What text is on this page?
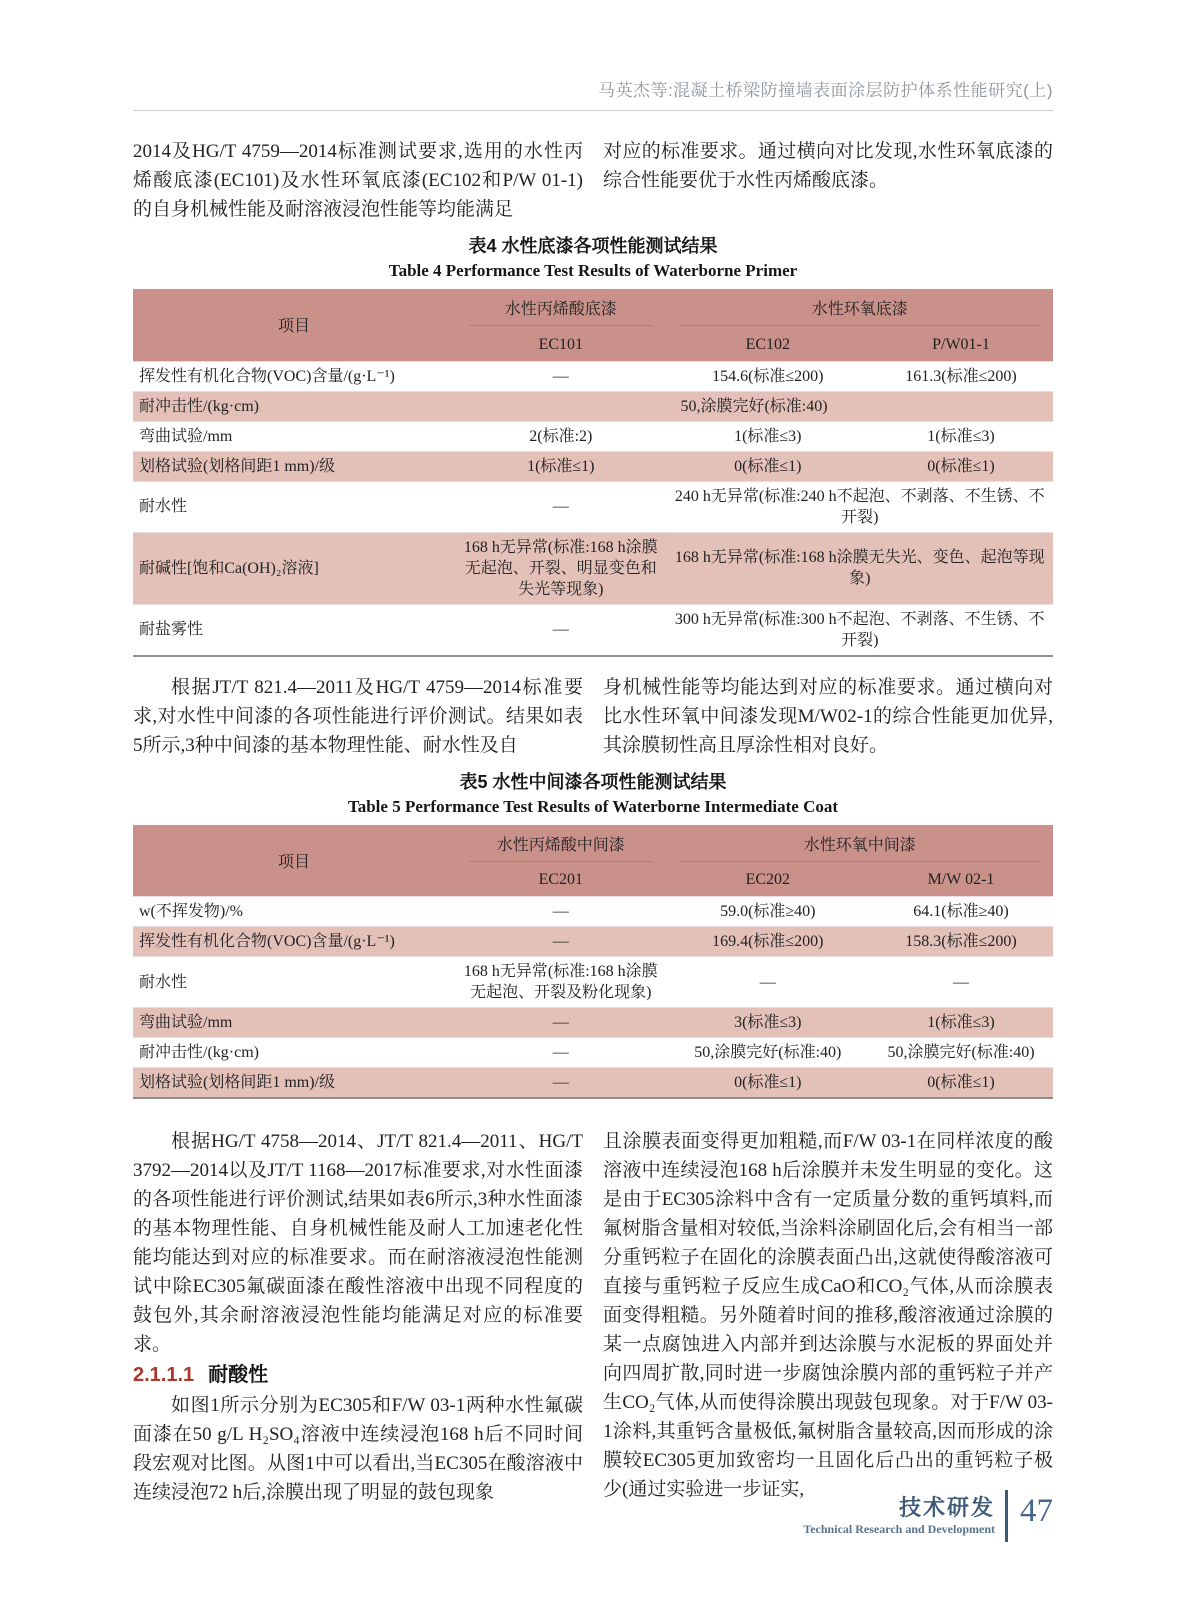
马英杰等:混凝土桥梁防撞墙表面涂层防护体系性能研究(上)

2014及HG/T 4759—2014标准测试要求,选用的水性丙烯酸底漆(EC101)及水性环氧底漆(EC102和P/W 01-1)的自身机械性能及耐溶液浸泡性能等均能满足

对应的标准要求。通过横向对比发现,水性环氧底漆的综合性能要优于水性丙烯酸底漆。

表4 水性底漆各项性能测试结果
Table 4 Performance Test Results of Waterborne Primer
项目	水性丙烯酸底漆	水性环氧底漆	

	EC101	EC102	P/W01-1
挥发性有机化合物(VOC)含量/(g·L⁻¹)	—	154.6(标准≤200)	161.3(标准≤200)
耐冲击性/(kg·cm)	50,涂膜完好(标准:40)		
弯曲试验/mm	2(标准:2)	1(标准≤3)	1(标准≤3)
划格试验(划格间距1 mm)/级	1(标准≤1)	0(标准≤1)	0(标准≤1)
耐水性	—	240 h无异常(标准:240 h不起泡、不剥落、不生锈、不开裂)	
耐碱性[饱和Ca(OH)₂溶液]	168 h无异常(标准:168 h涂膜无起泡、开裂、明显变色和失光等现象)	168 h无异常(标准:168 h涂膜无失光、变色、起泡等现象)	
耐盐雾性	—	300 h无异常(标准:300 h不起泡、不剥落、不生锈、不开裂)	

根据JT/T 821.4—2011及HG/T 4759—2014标准要求,对水性中间漆的各项性能进行评价测试。结果如表5所示,3种中间漆的基本物理性能、耐水性及自

身机械性能等均能达到对应的标准要求。通过横向对比水性环氧中间漆发现M/W02-1的综合性能更加优异,其涂膜韧性高且厚涂性相对良好。

表5 水性中间漆各项性能测试结果
Table 5 Performance Test Results of Waterborne Intermediate Coat
项目	水性丙烯酸中间漆	水性环氧中间漆	

	EC201	EC202	M/W 02-1
w(不挥发物)/%	—	59.0(标准≥40)	64.1(标准≥40)
挥发性有机化合物(VOC)含量/(g·L⁻¹)	—	169.4(标准≤200)	158.3(标准≤200)
耐水性	168 h无异常(标准:168 h涂膜无起泡、开裂及粉化现象)	—	—
弯曲试验/mm	—	3(标准≤3)	1(标准≤3)
耐冲击性/(kg·cm)	—	50,涂膜完好(标准:40)	50,涂膜完好(标准:40)
划格试验(划格间距1 mm)/级	—	0(标准≤1)	0(标准≤1)

根据HG/T 4758—2014、JT/T 821.4—2011、HG/T 3792—2014以及JT/T 1168—2017标准要求,对水性面漆的各项性能进行评价测试,结果如表6所示,3种水性面漆的基本物理性能、自身机械性能及耐人工加速老化性能均能达到对应的标准要求。而在耐溶液浸泡性能测试中除EC305氟碳面漆在酸性溶液中出现不同程度的鼓包外,其余耐溶液浸泡性能均能满足对应的标准要求。

2.1.1.1 耐酸性

如图1所示分别为EC305和F/W 03-1两种水性氟碳面漆在50 g/L H₂SO₄溶液中连续浸泡168 h后不同时间段宏观对比图。从图1中可以看出,当EC305在酸溶液中连续浸泡72 h后,涂膜出现了明显的鼓包现象

且涂膜表面变得更加粗糙,而F/W 03-1在同样浓度的酸溶液中连续浸泡168 h后涂膜并未发生明显的变化。这是由于EC305涂料中含有一定质量分数的重钙填料,而氟树脂含量相对较低,当涂料涂刷固化后,会有相当一部分重钙粒子在固化的涂膜表面凸出,这就使得酸溶液可直接与重钙粒子反应生成CaO和CO₂气体,从而涂膜表面变得粗糙。另外随着时间的推移,酸溶液通过涂膜的某一点腐蚀进入内部并到达涂膜与水泥板的界面处并向四周扩散,同时进一步腐蚀涂膜内部的重钙粒子并产生CO₂气体,从而使得涂膜出现鼓包现象。对于F/W 03-1涂料,其重钙含量极低,氟树脂含量较高,因而形成的涂膜较EC305更加致密均一且固化后凸出的重钙粒子极少(通过实验进一步证实,

技术研发
Technical Research and Development
47
